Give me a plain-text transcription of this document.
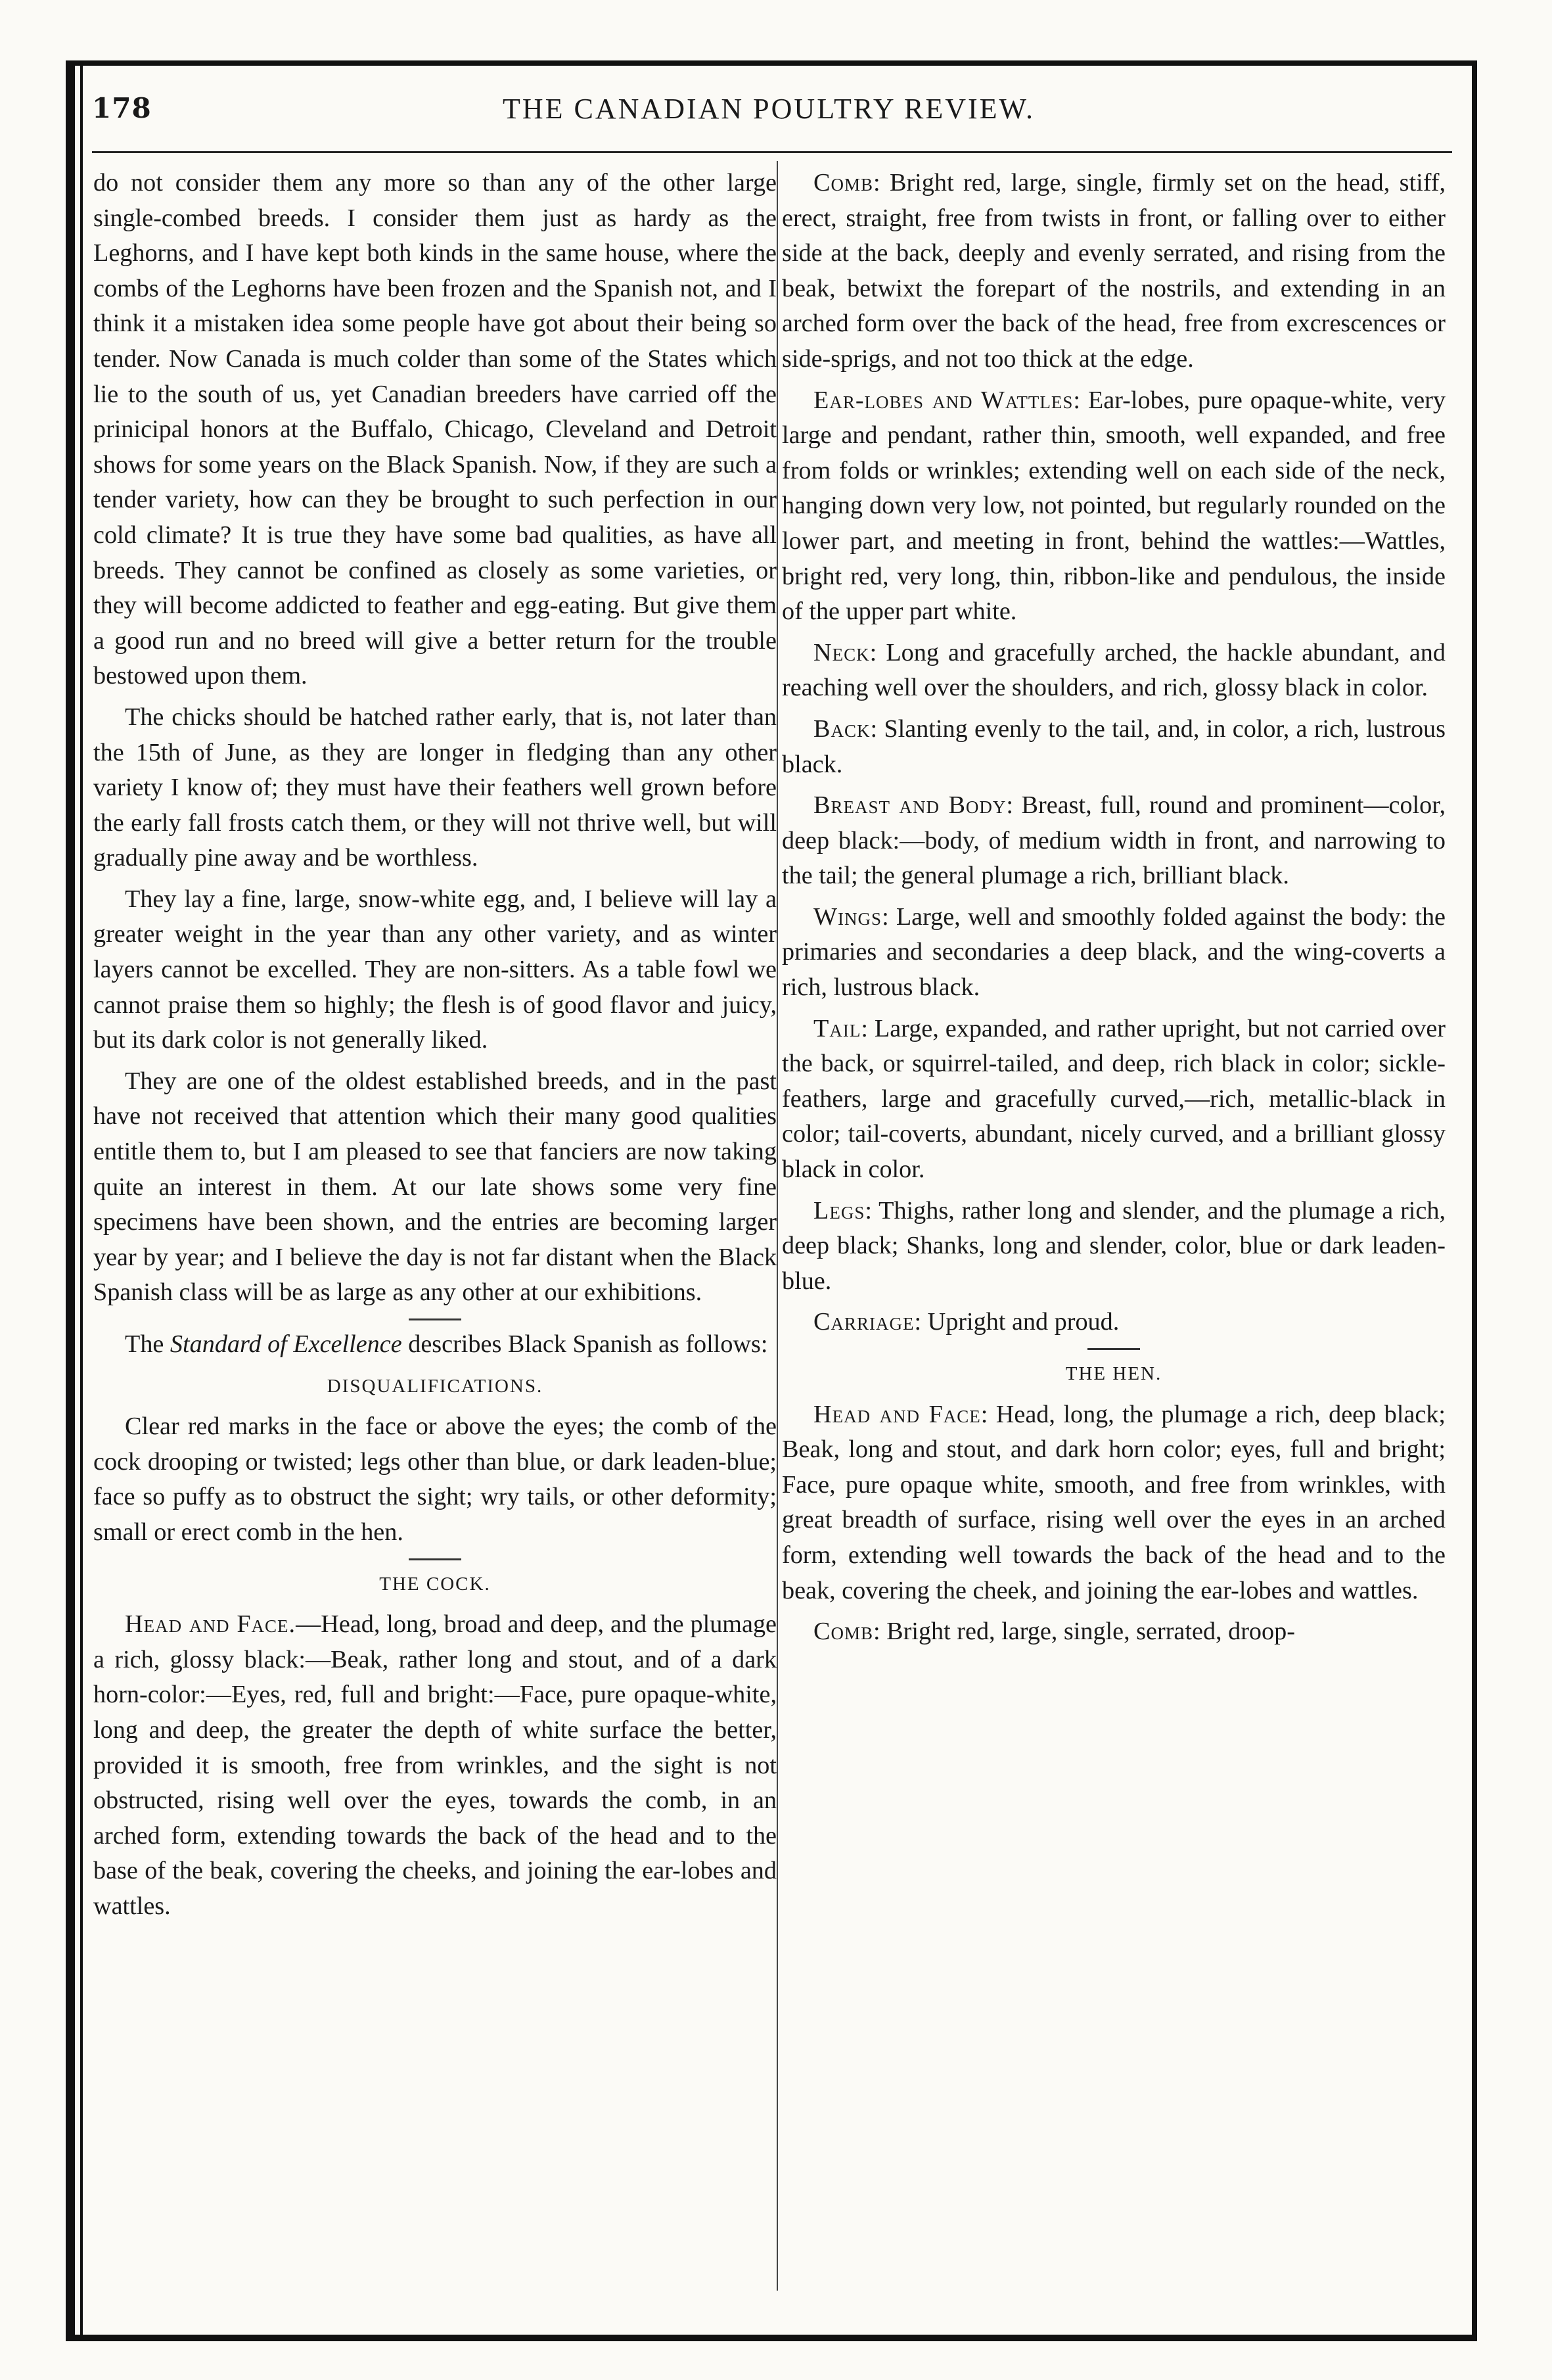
178	THE CANADIAN POULTRY REVIEW.

do not consider them any more so than any of the other large single-combed breeds. I consider them just as hardy as the Leghorns, and I have kept both kinds in the same house, where the combs of the Leghorns have been frozen and the Spanish not, and I think it a mistaken idea some people have got about their being so tender. Now Canada is much colder than some of the States which lie to the south of us, yet Canadian breeders have carried off the prinicipal honors at the Buffalo, Chicago, Cleveland and Detroit shows for some years on the Black Spanish. Now, if they are such a tender variety, how can they be brought to such perfection in our cold climate? It is true they have some bad qualities, as have all breeds. They cannot be confined as closely as some varieties, or they will become addicted to feather and egg-eating. But give them a good run and no breed will give a better return for the trouble bestowed upon them.

The chicks should be hatched rather early, that is, not later than the 15th of June, as they are longer in fledging than any other variety I know of; they must have their feathers well grown before the early fall frosts catch them, or they will not thrive well, but will gradually pine away and be worthless.

They lay a fine, large, snow-white egg, and, I believe will lay a greater weight in the year than any other variety, and as winter layers cannot be excelled. They are non-sitters. As a table fowl we cannot praise them so highly; the flesh is of good flavor and juicy, but its dark color is not generally liked.

They are one of the oldest established breeds, and in the past have not received that attention which their many good qualities entitle them to, but I am pleased to see that fanciers are now taking quite an interest in them. At our late shows some very fine specimens have been shown, and the entries are becoming larger year by year; and I believe the day is not far distant when the Black Spanish class will be as large as any other at our exhibitions.

The Standard of Excellence describes Black Spanish as follows:

DISQUALIFICATIONS.

Clear red marks in the face or above the eyes; the comb of the cock drooping or twisted; legs other than blue, or dark leaden-blue; face so puffy as to obstruct the sight; wry tails, or other deformity; small or erect comb in the hen.

THE COCK.

Head and Face.—Head, long, broad and deep, and the plumage a rich, glossy black:—Beak, rather long and stout, and of a dark horn-color:—Eyes, red, full and bright:—Face, pure opaque-white, long and deep, the greater the depth of white surface the better, provided it is smooth, free from wrinkles, and the sight is not obstructed, rising well over the eyes, towards the comb, in an arched form, extending towards the back of the head and to the base of the beak, covering the cheeks, and joining the ear-lobes and wattles.

Comb: Bright red, large, single, firmly set on the head, stiff, erect, straight, free from twists in front, or falling over to either side at the back, deeply and evenly serrated, and rising from the beak, betwixt the forepart of the nostrils, and extending in an arched form over the back of the head, free from excrescences or side-sprigs, and not too thick at the edge.

Ear-lobes and Wattles: Ear-lobes, pure opaque-white, very large and pendant, rather thin, smooth, well expanded, and free from folds or wrinkles; extending well on each side of the neck, hanging down very low, not pointed, but regularly rounded on the lower part, and meeting in front, behind the wattles:—Wattles, bright red, very long, thin, ribbon-like and pendulous, the inside of the upper part white.

Neck: Long and gracefully arched, the hackle abundant, and reaching well over the shoulders, and rich, glossy black in color.

Back: Slanting evenly to the tail, and, in color, a rich, lustrous black.

Breast and Body: Breast, full, round and prominent—color, deep black:—body, of medium width in front, and narrowing to the tail; the general plumage a rich, brilliant black.

Wings: Large, well and smoothly folded against the body: the primaries and secondaries a deep black, and the wing-coverts a rich, lustrous black.

Tail: Large, expanded, and rather upright, but not carried over the back, or squirrel-tailed, and deep, rich black in color; sickle-feathers, large and gracefully curved,—rich, metallic-black in color; tail-coverts, abundant, nicely curved, and a brilliant glossy black in color.

Legs: Thighs, rather long and slender, and the plumage a rich, deep black; Shanks, long and slender, color, blue or dark leaden-blue.

Carriage: Upright and proud.

THE HEN.

Head and Face: Head, long, the plumage a rich, deep black; Beak, long and stout, and dark horn color; eyes, full and bright; Face, pure opaque white, smooth, and free from wrinkles, with great breadth of surface, rising well over the eyes in an arched form, extending well towards the back of the head and to the beak, covering the cheek, and joining the ear-lobes and wattles.

Comb: Bright red, large, single, serrated, droop-
